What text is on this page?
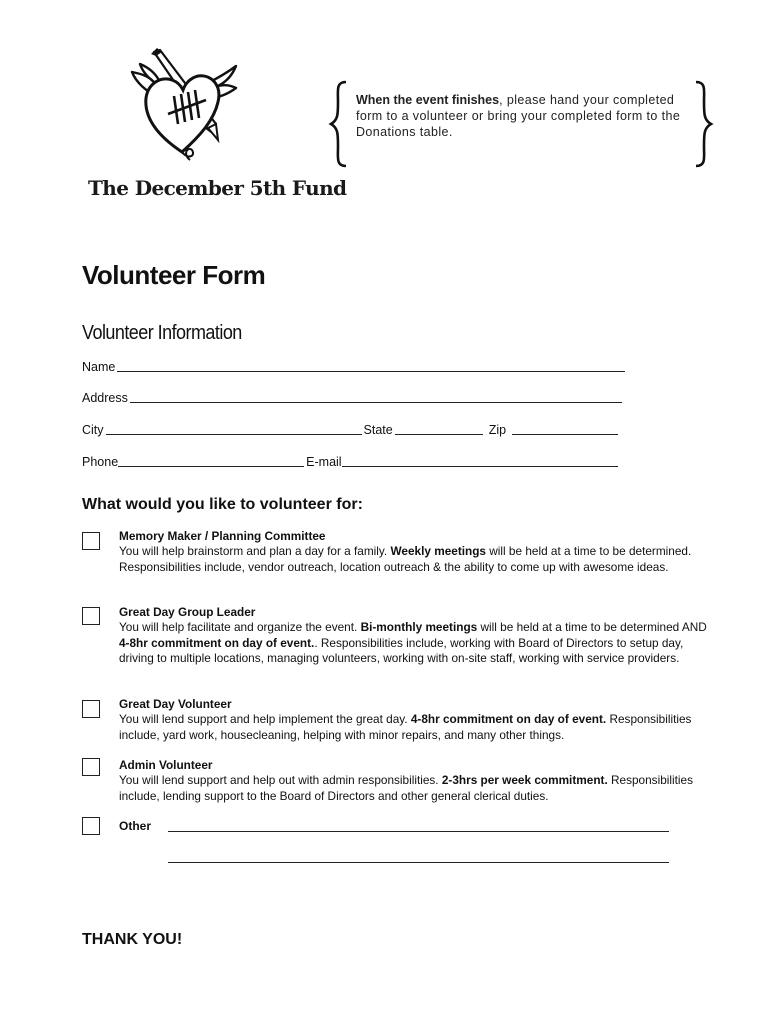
The December 5th Fund
When the event finishes, please hand your completed form to a volunteer or bring your completed form to the Donations table.
Volunteer Form
Volunteer Information
Name
Address
City	State	Zip
Phone	E-mail
What would you like to volunteer for:
Memory Maker / Planning Committee
You will help brainstorm and plan a day for a family. Weekly meetings will be held at a time to be determined. Responsibilities include, vendor outreach, location outreach & the ability to come up with awesome ideas.
Great Day Group Leader
You will help facilitate and organize the event. Bi-monthly meetings will be held at a time to be determined AND 4-8hr commitment on day of event.. Responsibilities include, working with Board of Directors to setup day, driving to multiple locations, managing volunteers, working with on-site staff, working with service providers.
Great Day Volunteer
You will lend support and help implement the great day. 4-8hr commitment on day of event. Responsibilities include, yard work, housecleaning, helping with minor repairs, and many other things.
Admin Volunteer
You will lend support and help out with admin responsibilities. 2-3hrs per week commitment. Responsibilities include, lending support to the Board of Directors and other general clerical duties.
Other
THANK YOU!
